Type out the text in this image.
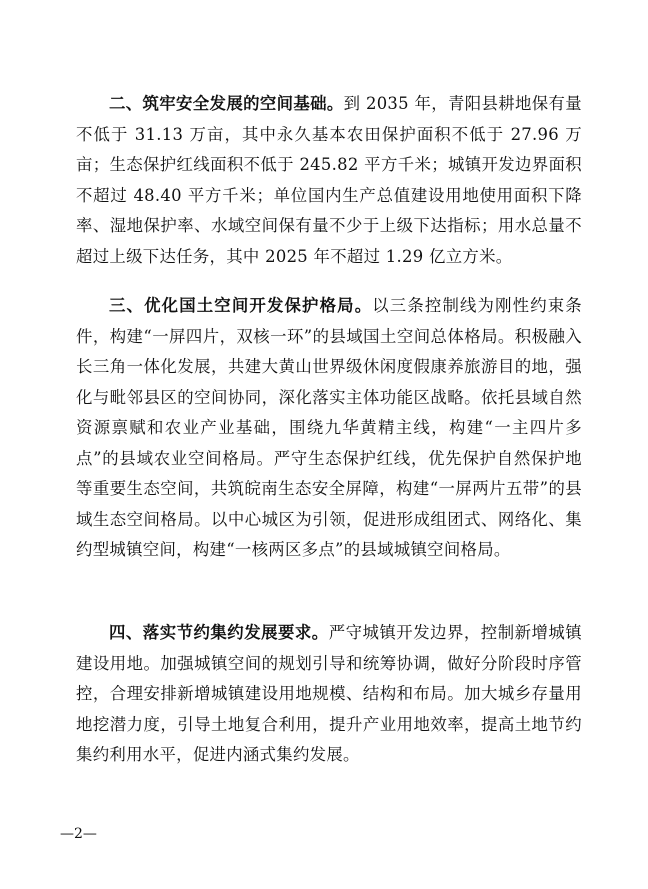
二、筑牢安全发展的空间基础。到 2035 年，青阳县耕地保有量不低于 31.13 万亩，其中永久基本农田保护面积不低于 27.96 万亩；生态保护红线面积不低于 245.82 平方千米；城镇开发边界面积不超过 48.40 平方千米；单位国内生产总值建设用地使用面积下降率、湿地保护率、水域空间保有量不少于上级下达指标；用水总量不超过上级下达任务，其中 2025 年不超过 1.29 亿立方米。

三、优化国土空间开发保护格局。以三条控制线为刚性约束条件，构建“一屏四片，双核一环”的县域国土空间总体格局。积极融入长三角一体化发展，共建大黄山世界级休闲度假康养旅游目的地，强化与毗邻县区的空间协同，深化落实主体功能区战略。依托县域自然资源禀赋和农业产业基础，围绕九华黄精主线，构建“一主四片多点”的县域农业空间格局。严守生态保护红线，优先保护自然保护地等重要生态空间，共筑皖南生态安全屏障，构建“一屏两片五带”的县域生态空间格局。以中心城区为引领，促进形成组团式、网络化、集约型城镇空间，构建“一核两区多点”的县域城镇空间格局。

四、落实节约集约发展要求。严守城镇开发边界，控制新增城镇建设用地。加强城镇空间的规划引导和统筹协调，做好分阶段时序管控，合理安排新增城镇建设用地规模、结构和布局。加大城乡存量用地挖潜力度，引导土地复合利用，提升产业用地效率，提高土地节约集约利用水平，促进内涵式集约发展。

—2—
